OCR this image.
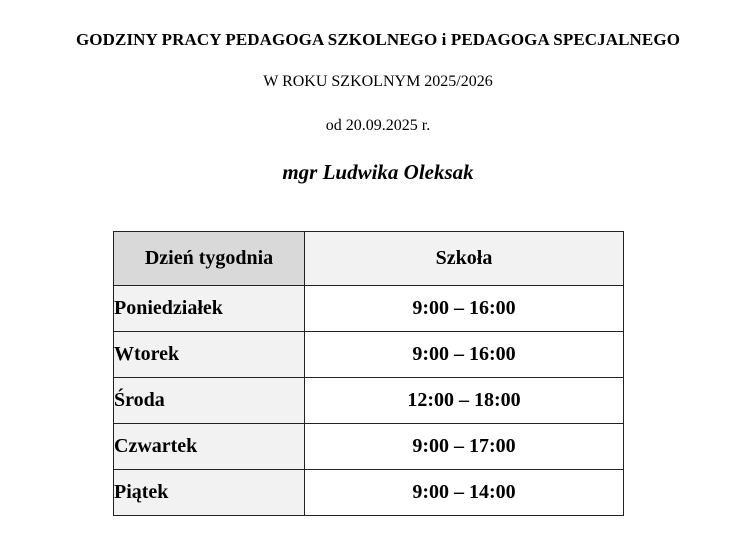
GODZINY PRACY PEDAGOGA SZKOLNEGO i PEDAGOGA SPECJALNEGO
W ROKU SZKOLNYM 2025/2026
od 20.09.2025 r.
mgr Ludwika Oleksak
Dzień tygodnia	Szkoła
Poniedziałek	9:00 – 16:00
Wtorek	9:00 – 16:00
Środa	12:00 – 18:00
Czwartek	9:00 – 17:00
Piątek	9:00 – 14:00
